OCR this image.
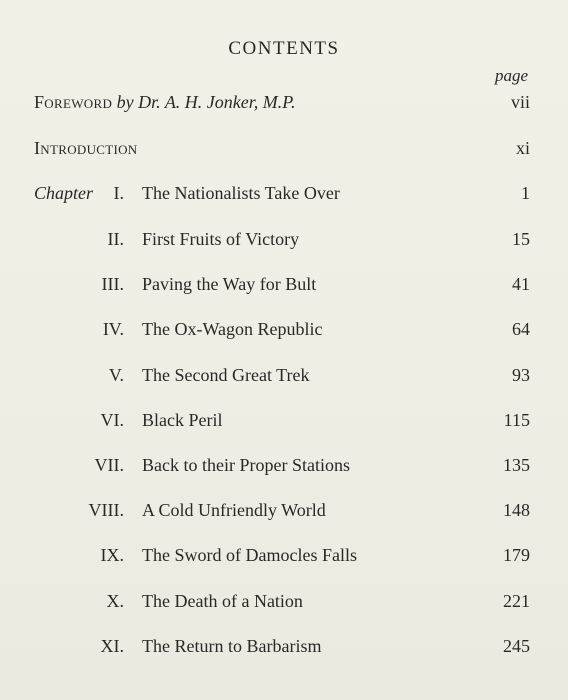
CONTENTS
page
Foreword by Dr. A. H. Jonker, M.P.	vii
Introduction	xi
Chapter I. The Nationalists Take Over	1
II. First Fruits of Victory	15
III. Paving the Way for Bult	41
IV. The Ox-Wagon Republic	64
V. The Second Great Trek	93
VI. Black Peril	115
VII. Back to their Proper Stations	135
VIII. A Cold Unfriendly World	148
IX. The Sword of Damocles Falls	179
X. The Death of a Nation	221
XI. The Return to Barbarism	245
